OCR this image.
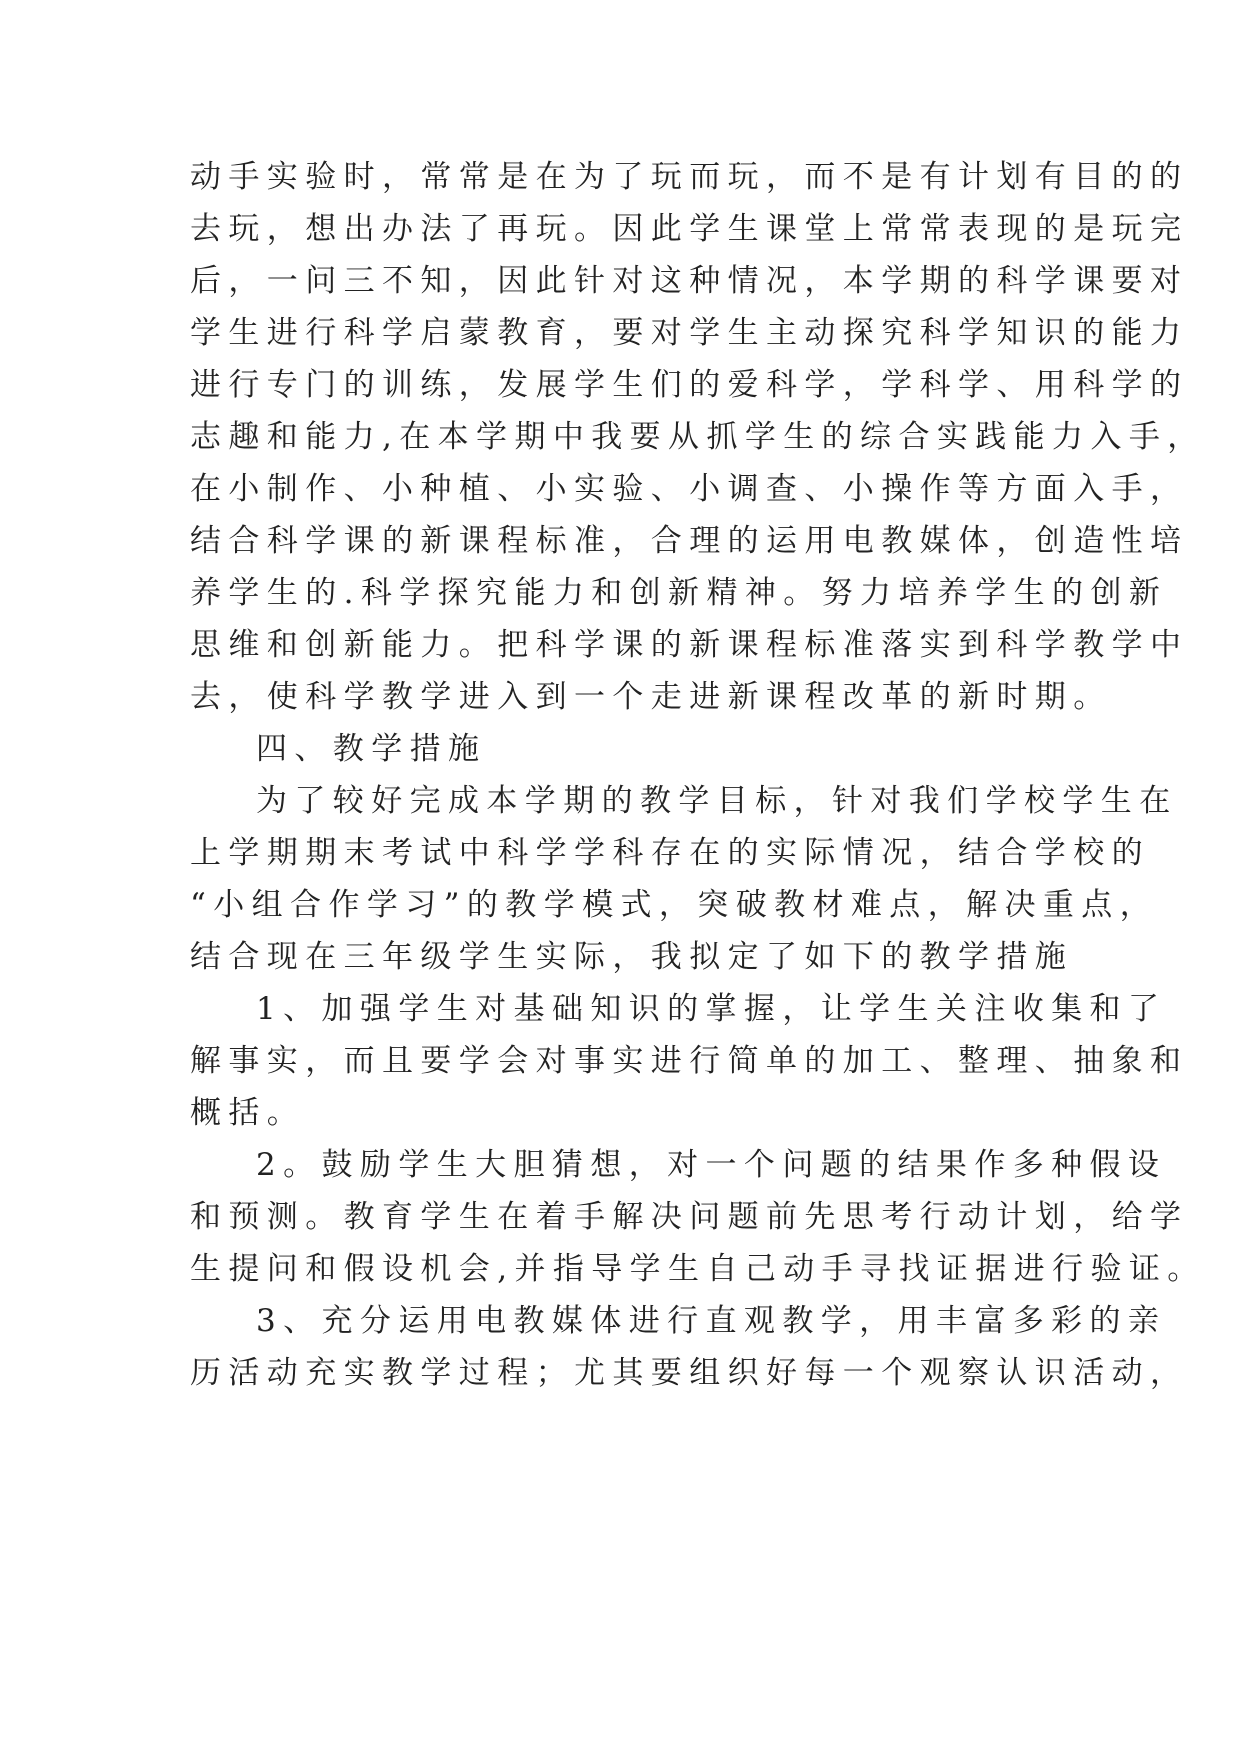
动手实验时，常常是在为了玩而玩，而不是有计划有目的的
去玩，想出办法了再玩。因此学生课堂上常常表现的是玩完
后，一问三不知，因此针对这种情况，本学期的科学课要对
学生进行科学启蒙教育，要对学生主动探究科学知识的能力
进行专门的训练，发展学生们的爱科学，学科学、用科学的
志趣和能力,在本学期中我要从抓学生的综合实践能力入手，
在小制作、小种植、小实验、小调查、小操作等方面入手，
结合科学课的新课程标准，合理的运用电教媒体，创造性培
养学生的.科学探究能力和创新精神。努力培养学生的创新
思维和创新能力。把科学课的新课程标准落实到科学教学中
去，使科学教学进入到一个走进新课程改革的新时期。
四、教学措施
为了较好完成本学期的教学目标，针对我们学校学生在
上学期期末考试中科学学科存在的实际情况，结合学校的
“小组合作学习”的教学模式，突破教材难点，解决重点，
结合现在三年级学生实际，我拟定了如下的教学措施
1、加强学生对基础知识的掌握，让学生关注收集和了
解事实，而且要学会对事实进行简单的加工、整理、抽象和
概括。
2。鼓励学生大胆猜想，对一个问题的结果作多种假设
和预测。教育学生在着手解决问题前先思考行动计划，给学
生提问和假设机会,并指导学生自己动手寻找证据进行验证。
3、充分运用电教媒体进行直观教学，用丰富多彩的亲
历活动充实教学过程；尤其要组织好每一个观察认识活动，
